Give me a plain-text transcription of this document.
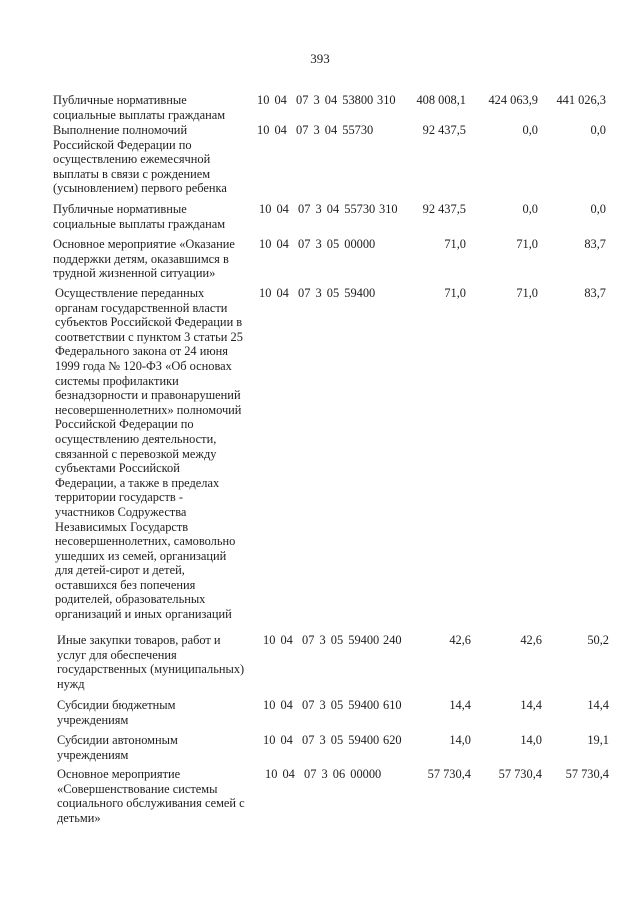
393
Публичные нормативные
социальные выплаты гражданам
10 04 07 3 04 53800 310	408 008,1	424 063,9	441 026,3
Выполнение полномочий
Российской Федерации по
осуществлению ежемесячной
выплаты в связи с рождением
(усыновлением) первого ребенка
10 04 07 3 04 55730	92 437,5	0,0	0,0
Публичные нормативные
социальные выплаты гражданам
10 04 07 3 04 55730 310	92 437,5	0,0	0,0
Основное мероприятие «Оказание
поддержки детям, оказавшимся в
трудной жизненной ситуации»
10 04 07 3 05 00000	71,0	71,0	83,7
Осуществление переданных
органам государственной власти
субъектов Российской Федерации в
соответствии с пунктом 3 статьи 25
Федерального закона от 24 июня
1999 года № 120-ФЗ «Об основах
системы профилактики
безнадзорности и правонарушений
несовершеннолетних» полномочий
Российской Федерации по
осуществлению деятельности,
связанной с перевозкой между
субъектами Российской
Федерации, а также в пределах
территории государств -
участников Содружества
Независимых Государств
несовершеннолетних, самовольно
ушедших из семей, организаций
для детей-сирот и детей,
оставшихся без попечения
родителей, образовательных
организаций и иных организаций
10 04 07 3 05 59400	71,0	71,0	83,7
Иные закупки товаров, работ и
услуг для обеспечения
государственных (муниципальных)
нужд
10 04 07 3 05 59400 240	42,6	42,6	50,2
Субсидии бюджетным
учреждениям
10 04 07 3 05 59400 610	14,4	14,4	14,4
Субсидии автономным
учреждениям
10 04 07 3 05 59400 620	14,0	14,0	19,1
Основное мероприятие
«Совершенствование системы
социального обслуживания семей с
детьми»
10 04 07 3 06 00000	57 730,4	57 730,4	57 730,4
